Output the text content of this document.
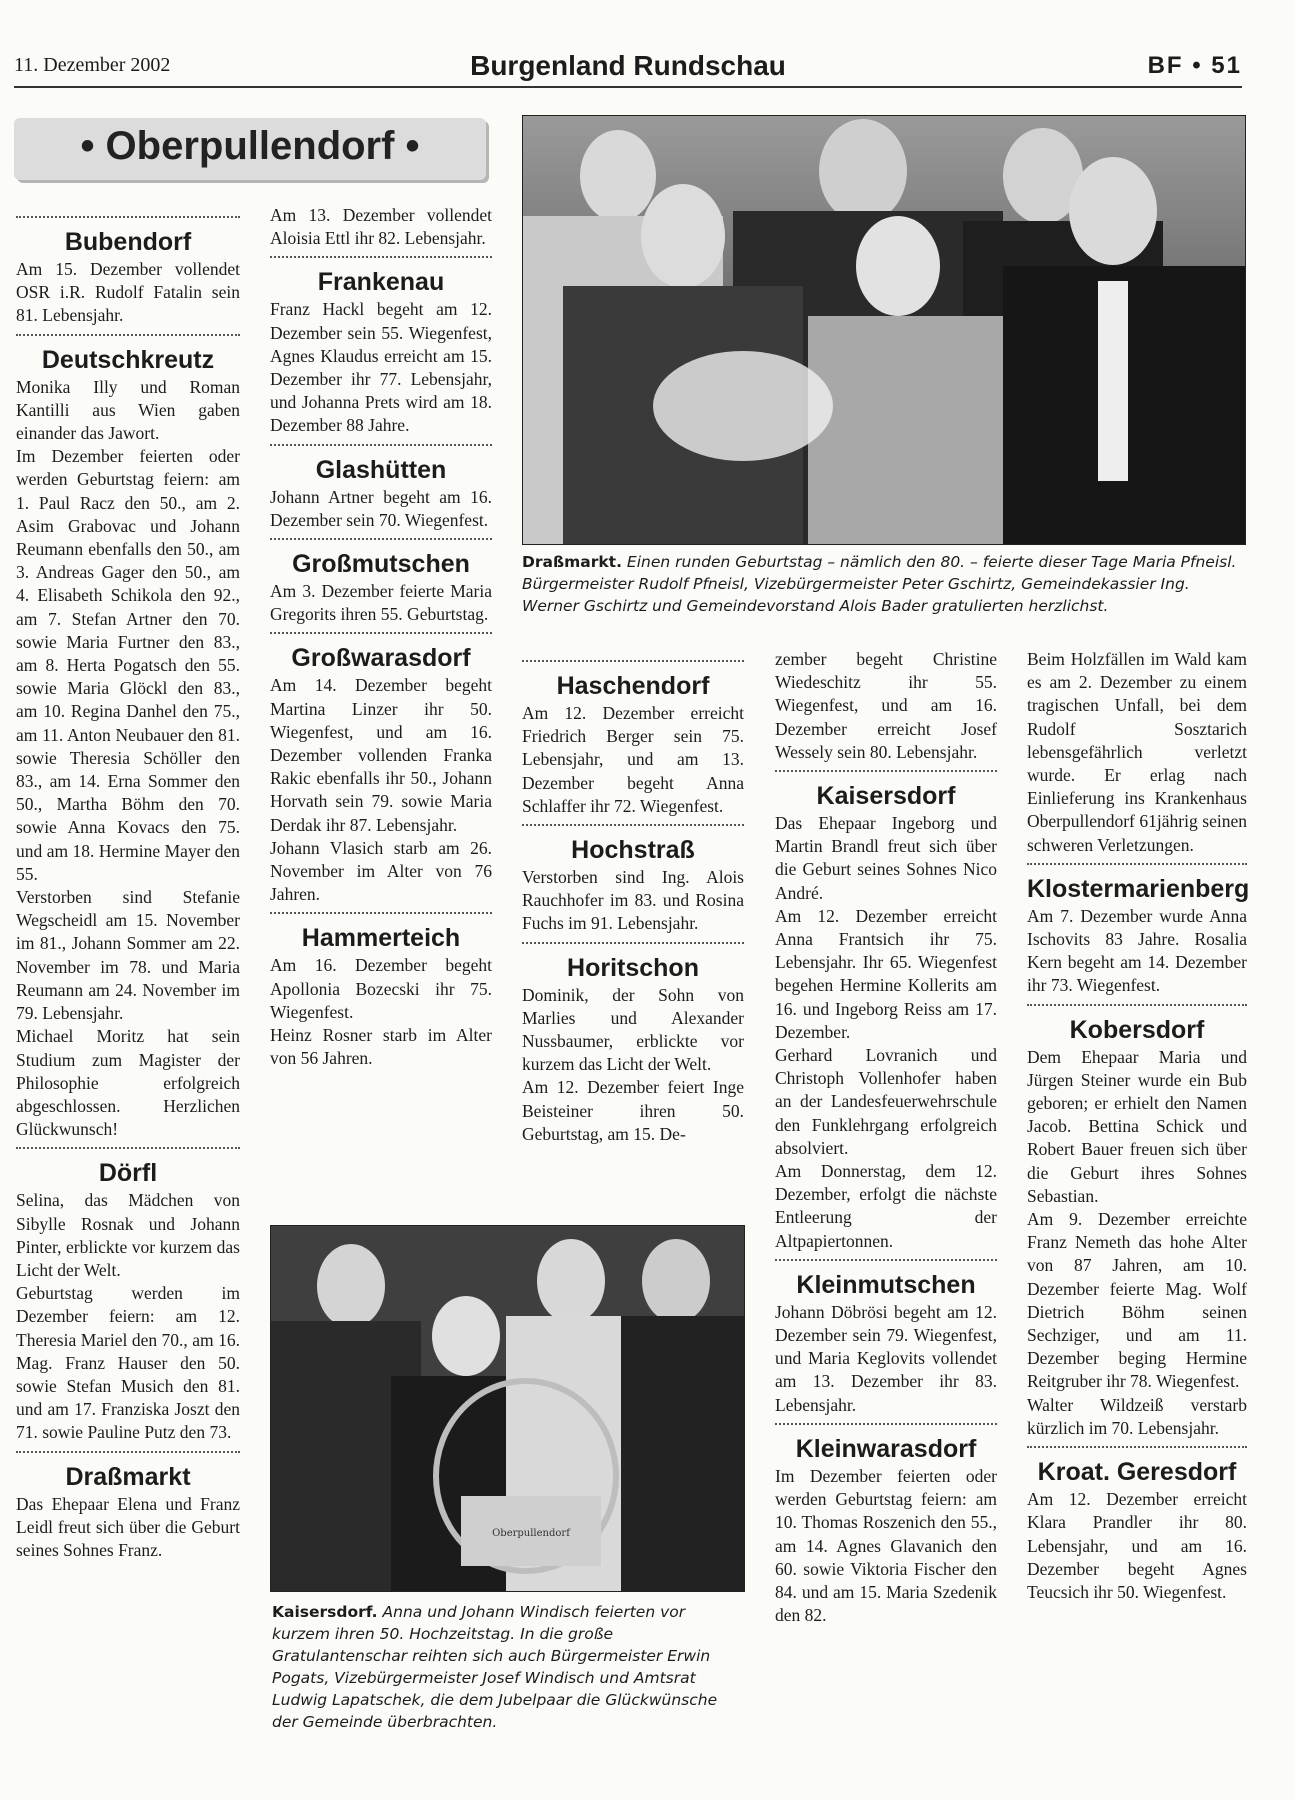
11. Dezember 2002	Burgenland Rundschau	BF • 51
• Oberpullendorf •
Bubendorf

Am 15. Dezember vollendet OSR i.R. Rudolf Fatalin sein 81. Lebensjahr.

Deutschkreutz

Monika Illy und Roman Kantilli aus Wien gaben einander das Jawort.

Im Dezember feierten oder werden Geburtstag feiern: am 1. Paul Racz den 50., am 2. Asim Grabovac und Johann Reumann ebenfalls den 50., am 3. Andreas Gager den 50., am 4. Elisabeth Schikola den 92., am 7. Stefan Artner den 70. sowie Maria Furtner den 83., am 8. Herta Pogatsch den 55. sowie Maria Glöckl den 83., am 10. Regina Danhel den 75., am 11. Anton Neubauer den 81. sowie Theresia Schöller den 83., am 14. Erna Sommer den 50., Martha Böhm den 70. sowie Anna Kovacs den 75. und am 18. Hermine Mayer den 55.

Verstorben sind Stefanie Wegscheidl am 15. November im 81., Johann Sommer am 22. November im 78. und Maria Reumann am 24. November im 79. Lebensjahr.

Michael Moritz hat sein Studium zum Magister der Philosophie erfolgreich abgeschlossen. Herzlichen Glückwunsch!

Dörfl

Selina, das Mädchen von Sibylle Rosnak und Johann Pinter, erblickte vor kurzem das Licht der Welt.

Geburtstag werden im Dezember feiern: am 12. Theresia Mariel den 70., am 16. Mag. Franz Hauser den 50. sowie Stefan Musich den 81. und am 17. Franziska Joszt den 71. sowie Pauline Putz den 73.

Draßmarkt

Das Ehepaar Elena und Franz Leidl freut sich über die Geburt seines Sohnes Franz.

Am 13. Dezember vollendet Aloisia Ettl ihr 82. Lebensjahr.

Frankenau

Franz Hackl begeht am 12. Dezember sein 55. Wiegenfest, Agnes Klaudus erreicht am 15. Dezember ihr 77. Lebensjahr, und Johanna Prets wird am 18. Dezember 88 Jahre.

Glashütten

Johann Artner begeht am 16. Dezember sein 70. Wiegenfest.

Großmutschen

Am 3. Dezember feierte Maria Gregorits ihren 55. Geburtstag.

Großwarasdorf

Am 14. Dezember begeht Martina Linzer ihr 50. Wiegenfest, und am 16. Dezember vollenden Franka Rakic ebenfalls ihr 50., Johann Horvath sein 79. sowie Maria Derdak ihr 87. Lebensjahr.

Johann Vlasich starb am 26. November im Alter von 76 Jahren.

Hammerteich

Am 16. Dezember begeht Apollonia Bozecski ihr 75. Wiegenfest.

Heinz Rosner starb im Alter von 56 Jahren.

Draßmarkt. Einen runden Geburtstag – nämlich den 80. – feierte dieser Tage Maria Pfneisl. Bürgermeister Rudolf Pfneisl, Vizebürgermeister Peter Gschirtz, Gemeindekassier Ing. Werner Gschirtz und Gemeindevorstand Alois Bader gratulierten herzlichst.
Haschendorf

Am 12. Dezember erreicht Friedrich Berger sein 75. Lebensjahr, und am 13. Dezember begeht Anna Schlaffer ihr 72. Wiegenfest.

Hochstraß

Verstorben sind Ing. Alois Rauchhofer im 83. und Rosina Fuchs im 91. Lebensjahr.

Horitschon

Dominik, der Sohn von Marlies und Alexander Nussbaumer, erblickte vor kurzem das Licht der Welt.

Am 12. Dezember feiert Inge Beisteiner ihren 50. Geburtstag, am 15. De-

zember begeht Christine Wiedeschitz ihr 55. Wiegenfest, und am 16. Dezember erreicht Josef Wessely sein 80. Lebensjahr.

Kaisersdorf

Das Ehepaar Ingeborg und Martin Brandl freut sich über die Geburt seines Sohnes Nico André.

Am 12. Dezember erreicht Anna Frantsich ihr 75. Lebensjahr. Ihr 65. Wiegenfest begehen Hermine Kollerits am 16. und Ingeborg Reiss am 17. Dezember.

Gerhard Lovranich und Christoph Vollenhofer haben an der Landesfeuerwehrschule den Funklehrgang erfolgreich absolviert.

Am Donnerstag, dem 12. Dezember, erfolgt die nächste Entleerung der Altpapiertonnen.

Kleinmutschen

Johann Döbrösi begeht am 12. Dezember sein 79. Wiegenfest, und Maria Keglovits vollendet am 13. Dezember ihr 83. Lebensjahr.

Kleinwarasdorf

Im Dezember feierten oder werden Geburtstag feiern: am 10. Thomas Roszenich den 55., am 14. Agnes Glavanich den 60. sowie Viktoria Fischer den 84. und am 15. Maria Szedenik den 82.

Beim Holzfällen im Wald kam es am 2. Dezember zu einem tragischen Unfall, bei dem Rudolf Sosztarich lebensgefährlich verletzt wurde. Er erlag nach Einlieferung ins Krankenhaus Oberpullendorf 61jährig seinen schweren Verletzungen.

Klostermarienberg

Am 7. Dezember wurde Anna Ischovits 83 Jahre. Rosalia Kern begeht am 14. Dezember ihr 73. Wiegenfest.

Kobersdorf

Dem Ehepaar Maria und Jürgen Steiner wurde ein Bub geboren; er erhielt den Namen Jacob. Bettina Schick und Robert Bauer freuen sich über die Geburt ihres Sohnes Sebastian.

Am 9. Dezember erreichte Franz Nemeth das hohe Alter von 87 Jahren, am 10. Dezember feierte Mag. Wolf Dietrich Böhm seinen Sechziger, und am 11. Dezember beging Hermine Reitgruber ihr 78. Wiegenfest.

Walter Wildzeiß verstarb kürzlich im 70. Lebensjahr.

Kroat. Geresdorf

Am 12. Dezember erreicht Klara Prandler ihr 80. Lebensjahr, und am 16. Dezember begeht Agnes Teucsich ihr 50. Wiegenfest.

Oberpullendorf
Kaisersdorf. Anna und Johann Windisch feierten vor kurzem ihren 50. Hochzeitstag. In die große Gratulantenschar reihten sich auch Bürgermeister Erwin Pogats, Vizebürgermeister Josef Windisch und Amtsrat Ludwig Lapatschek, die dem Jubelpaar die Glückwünsche der Gemeinde überbrachten.
